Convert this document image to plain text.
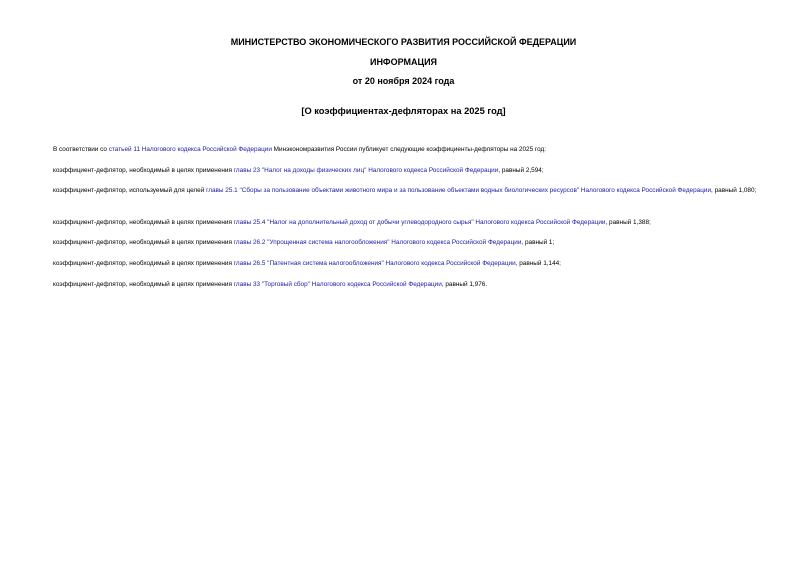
МИНИСТЕРСТВО ЭКОНОМИЧЕСКОГО РАЗВИТИЯ РОССИЙСКОЙ ФЕДЕРАЦИИ
ИНФОРМАЦИЯ
от 20 ноября 2024 года
[О коэффициентах-дефляторах на 2025 год]
В соответствии со статьей 11 Налогового кодекса Российской Федерации Минэкономразвития России публикует следующие коэффициенты-дефляторы на 2025 год:
коэффициент-дефлятор, необходимый в целях применения главы 23 "Налог на доходы физических лиц" Налогового кодекса Российской Федерации, равный 2,594;
коэффициент-дефлятор, используемый для целей главы 25.1 "Сборы за пользование объектами животного мира и за пользование объектами водных биологических ресурсов" Налогового кодекса Российской Федерации, равный 1,080;
коэффициент-дефлятор, необходимый в целях применения главы 25.4 "Налог на дополнительный доход от добычи углеводородного сырья" Налогового кодекса Российской Федерации, равный 1,388;
коэффициент-дефлятор, необходимый в целях применения главы 26.2 "Упрощенная система налогообложения" Налогового кодекса Российской Федерации, равный 1;
коэффициент-дефлятор, необходимый в целях применения главы 26.5 "Патентная система налогообложения" Налогового кодекса Российской Федерации, равный 1,144;
коэффициент-дефлятор, необходимый в целях применения главы 33 "Торговый сбор" Налогового кодекса Российской Федерации, равный 1,976.
